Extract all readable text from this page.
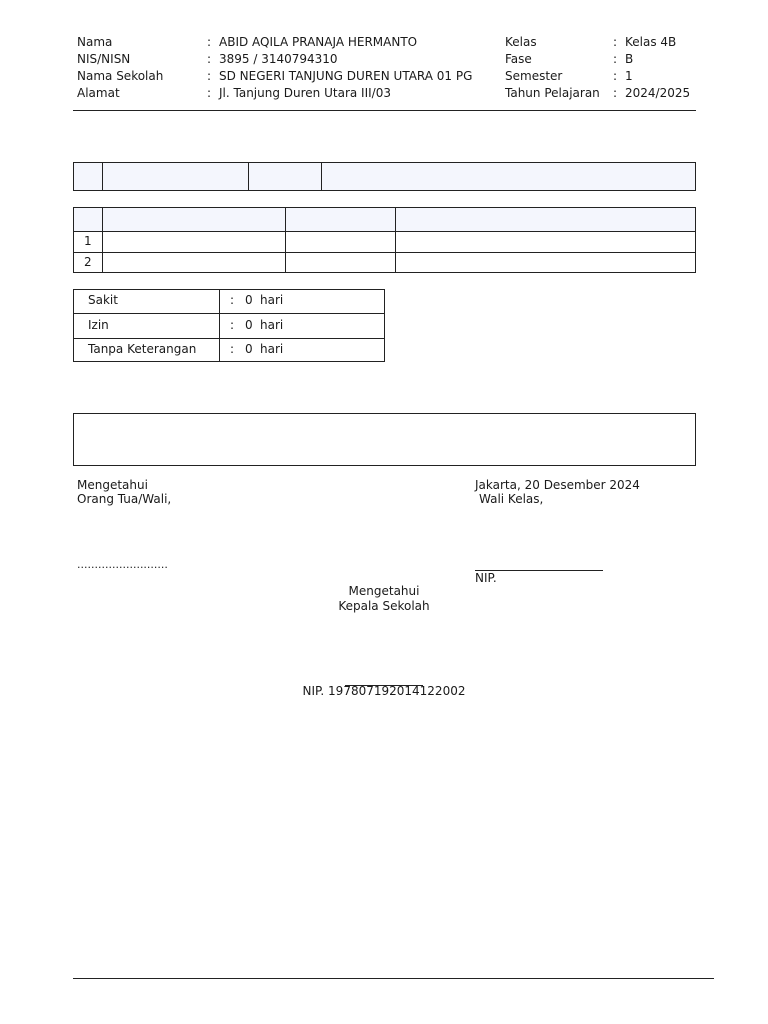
Nama	: ABID AQILA PRANAJA HERMANTO
NIS/NISN	: 3895 / 3140794310
Nama Sekolah	: SD NEGERI TANJUNG DUREN UTARA 01 PG
Alamat	: Jl. Tanjung Duren Utara III/03
Kelas	: Kelas 4B
Fase	: B
Semester	: 1
Tahun Pelajaran : 2024/2025
1
2
Sakit	: 0 hari
Izin	: 0 hari
Tanpa Keterangan	: 0 hari
Mengetahui
Orang Tua/Wali,
..........................
Jakarta, 20 Desember 2024
Wali Kelas,
NIP.
Mengetahui
Kepala Sekolah
NIP. 197807192014122002
